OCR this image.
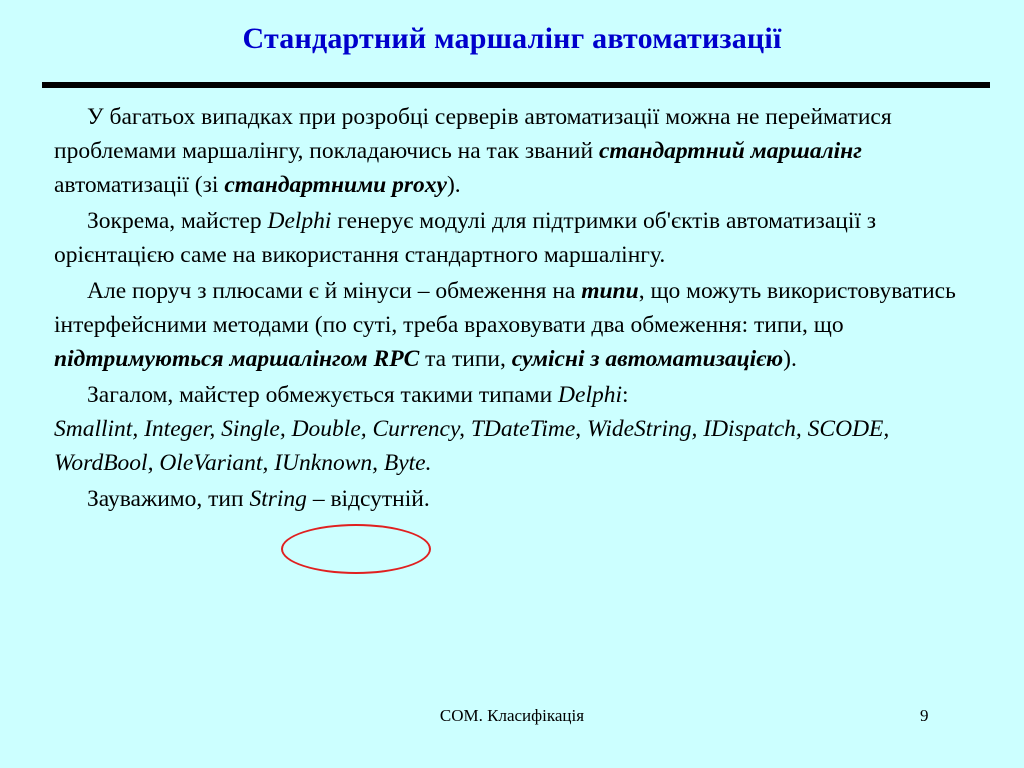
Стандартний маршалінг автоматизації

У багатьох випадках при розробці серверів автоматизації можна не перейматися проблемами маршалінгу, покладаючись на так званий стандартний маршалінг автоматизації (зі стандартними proxy).

Зокрема, майстер Delphi генерує модулі для підтримки об'єктів автоматизації з орієнтацією саме на використання стандартного маршалінгу.

Але поруч з плюсами є й мінуси – обмеження на типи, що можуть використовуватись інтерфейсними методами (по суті, треба враховувати два обмеження: типи, що підтримуються маршалінгом RPC та типи, сумісні з автоматизацією).

Загалом, майстер обмежується такими типами Delphi:
Smallint, Integer, Single, Double, Currency, TDateTime, WideString, IDispatch, SCODE, WordBool, OleVariant, IUnknown, Byte.

Зауважимо, тип String – відсутній.

COM. Класифікація	9
